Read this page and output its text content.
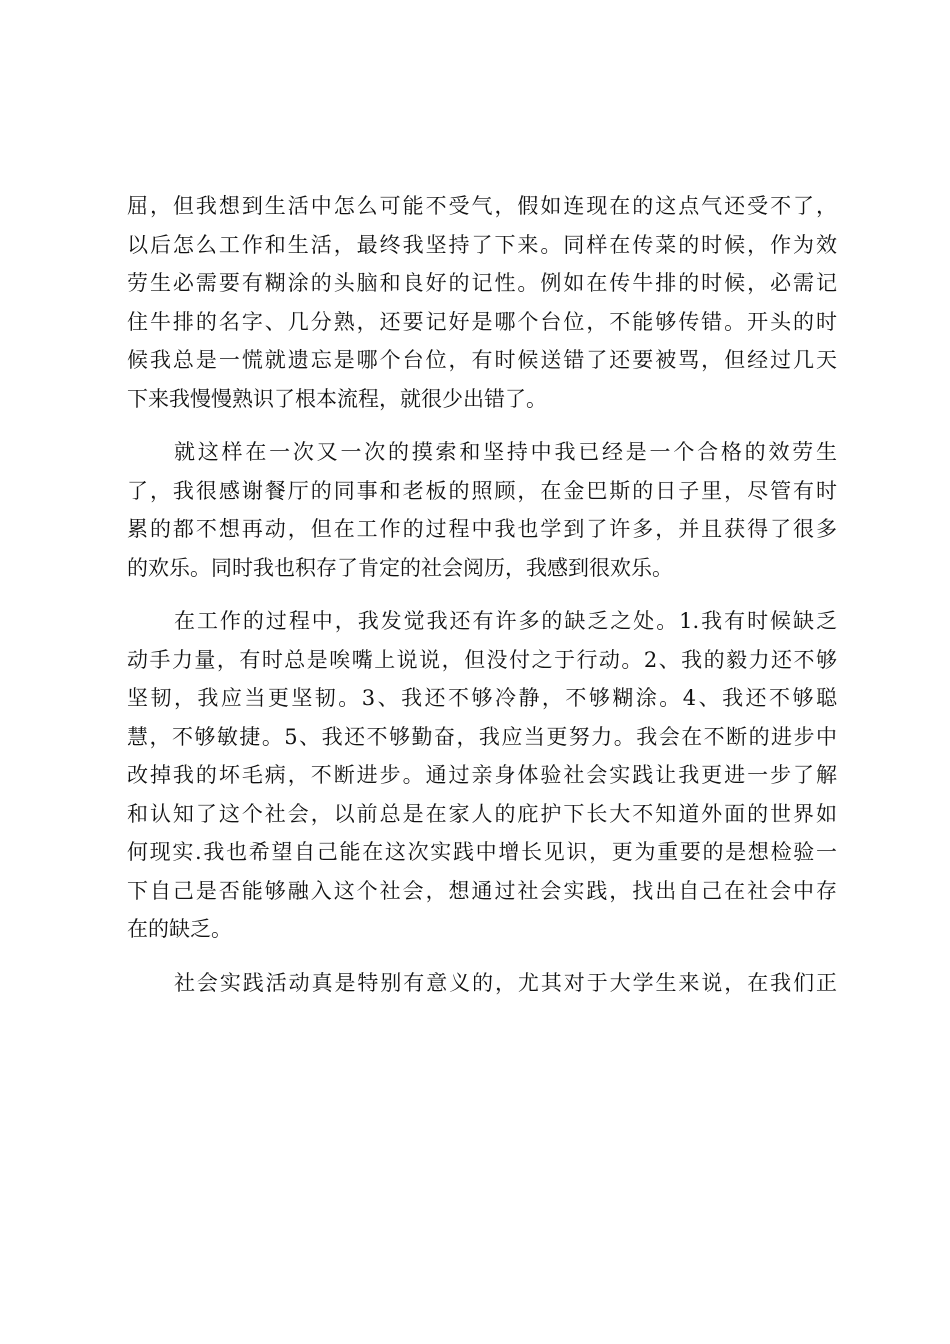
屈，但我想到生活中怎么可能不受气，假如连现在的这点气还受不了，
以后怎么工作和生活，最终我坚持了下来。同样在传菜的时候，作为效
劳生必需要有糊涂的头脑和良好的记性。例如在传牛排的时候，必需记
住牛排的名字、几分熟，还要记好是哪个台位，不能够传错。开头的时
候我总是一慌就遗忘是哪个台位，有时候送错了还要被骂，但经过几天
下来我慢慢熟识了根本流程，就很少出错了。
就这样在一次又一次的摸索和坚持中我已经是一个合格的效劳生
了，我很感谢餐厅的同事和老板的照顾，在金巴斯的日子里，尽管有时
累的都不想再动，但在工作的过程中我也学到了许多，并且获得了很多
的欢乐。同时我也积存了肯定的社会阅历，我感到很欢乐。
在工作的过程中，我发觉我还有许多的缺乏之处。1.我有时候缺乏
动手力量，有时总是唉嘴上说说，但没付之于行动。2、我的毅力还不够
坚韧，我应当更坚韧。3、我还不够冷静，不够糊涂。4、我还不够聪
慧，不够敏捷。5、我还不够勤奋，我应当更努力。我会在不断的进步中
改掉我的坏毛病，不断进步。通过亲身体验社会实践让我更进一步了解
和认知了这个社会，以前总是在家人的庇护下长大不知道外面的世界如
何现实.我也希望自己能在这次实践中增长见识，更为重要的是想检验一
下自己是否能够融入这个社会，想通过社会实践，找出自己在社会中存
在的缺乏。
社会实践活动真是特别有意义的，尤其对于大学生来说，在我们正
